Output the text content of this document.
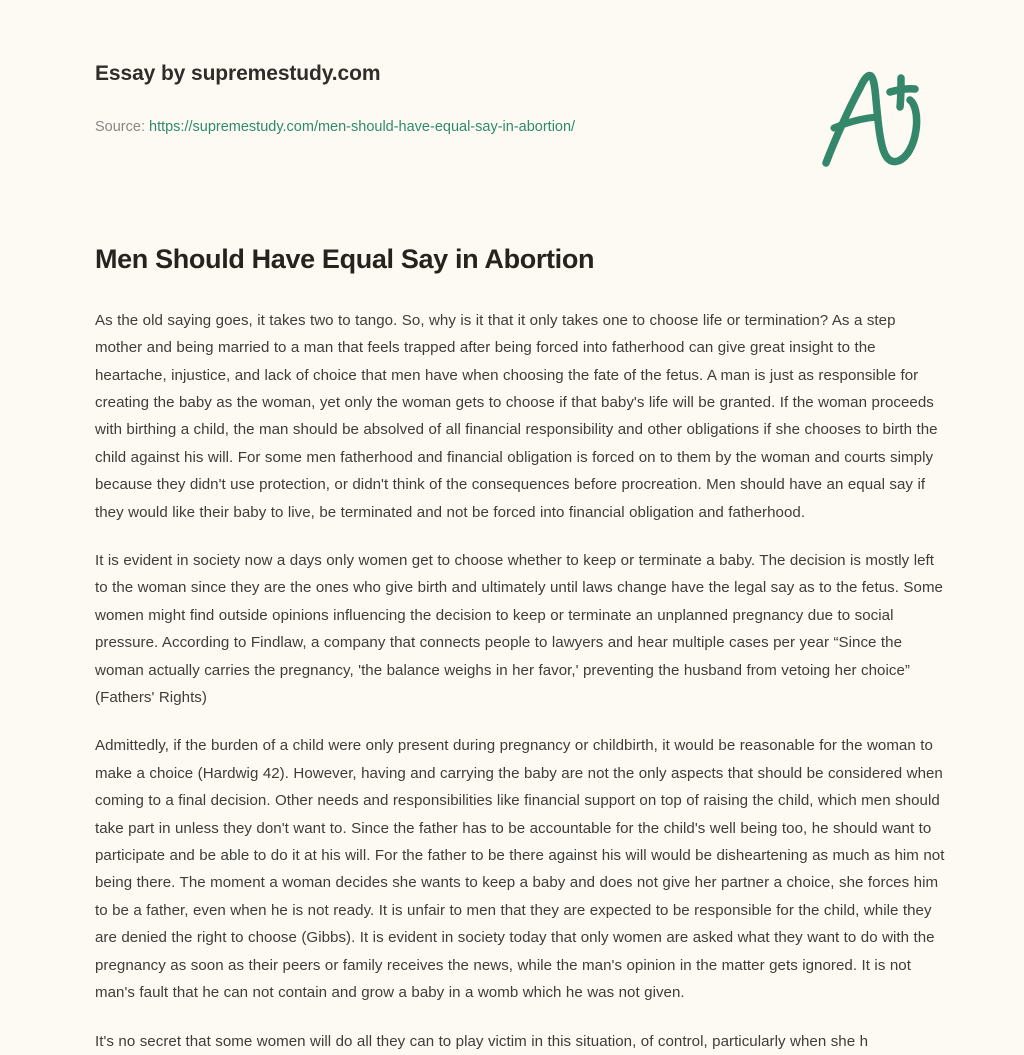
Essay by supremestudy.com
Source: https://supremestudy.com/men-should-have-equal-say-in-abortion/
Men Should Have Equal Say in Abortion

As the old saying goes, it takes two to tango. So, why is it that it only takes one to choose life or termination? As a step mother and being married to a man that feels trapped after being forced into fatherhood can give great insight to the heartache, injustice, and lack of choice that men have when choosing the fate of the fetus. A man is just as responsible for creating the baby as the woman, yet only the woman gets to choose if that baby's life will be granted. If the woman proceeds with birthing a child, the man should be absolved of all financial responsibility and other obligations if she chooses to birth the child against his will. For some men fatherhood and financial obligation is forced on to them by the woman and courts simply because they didn't use protection, or didn't think of the consequences before procreation. Men should have an equal say if they would like their baby to live, be terminated and not be forced into financial obligation and fatherhood.

It is evident in society now a days only women get to choose whether to keep or terminate a baby. The decision is mostly left to the woman since they are the ones who give birth and ultimately until laws change have the legal say as to the fetus. Some women might find outside opinions influencing the decision to keep or terminate an unplanned pregnancy due to social pressure. According to Findlaw, a company that connects people to lawyers and hear multiple cases per year “Since the woman actually carries the pregnancy, 'the balance weighs in her favor,' preventing the husband from vetoing her choice” (Fathers' Rights)

Admittedly, if the burden of a child were only present during pregnancy or childbirth, it would be reasonable for the woman to make a choice (Hardwig 42). However, having and carrying the baby are not the only aspects that should be considered when coming to a final decision. Other needs and responsibilities like financial support on top of raising the child, which men should take part in unless they don't want to. Since the father has to be accountable for the child's well being too, he should want to participate and be able to do it at his will. For the father to be there against his will would be disheartening as much as him not being there. The moment a woman decides she wants to keep a baby and does not give her partner a choice, she forces him to be a father, even when he is not ready. It is unfair to men that they are expected to be responsible for the child, while they are denied the right to choose (Gibbs). It is evident in society today that only women are asked what they want to do with the pregnancy as soon as their peers or family receives the news, while the man's opinion in the matter gets ignored. It is not man's fault that he can not contain and grow a baby in a womb which he was not given.

It's no secret that some women will do all they can to play victim in this situation, of control, particularly when she h
